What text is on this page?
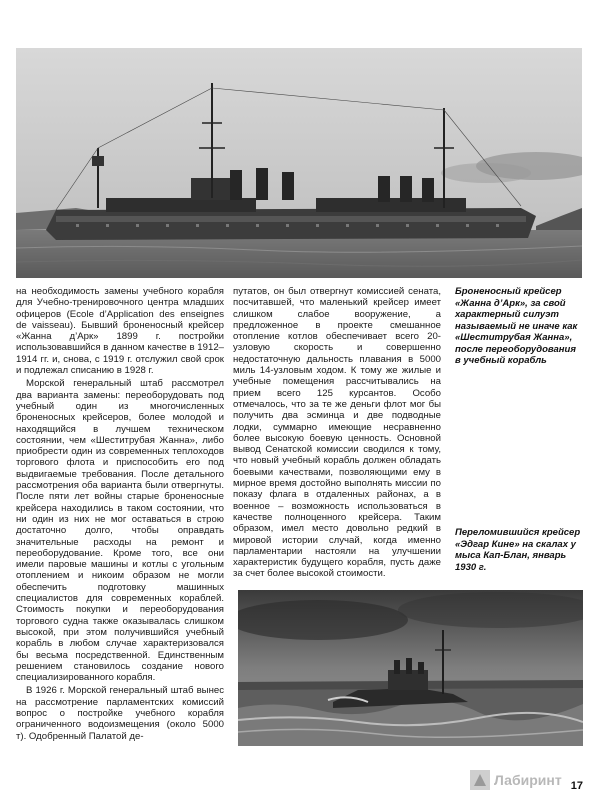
на необходимость замены учебного корабля для Учебно-тренировочного центра младших офицеров (Ecole d’Application des enseignes de vaisseau). Бывший броненосный крейсер «Жанна д’Арк» 1899 г. постройки использовавшийся в данном качестве в 1912–1914 гг. и, снова, с 1919 г. отслужил свой срок и подлежал списанию в 1928 г.

Морской генеральный штаб рассмотрел два варианта замены: переоборудовать под учебный один из многочисленных броненосных крейсеров, более молодой и находящийся в лучшем техническом состоянии, чем «Шеститрубая Жанна», либо приобрести один из современных теплоходов торгового флота и приспособить его под выдвигаемые требования. После детального рассмотрения оба варианта были отвергнуты. После пяти лет войны старые броненосные крейсера находились в таком состоянии, что ни один из них не мог оставаться в строю достаточно долго, чтобы оправдать значительные расходы на ремонт и переоборудование. Кроме того, все они имели паровые машины и котлы с угольным отоплением и никоим образом не могли обеспечить подготовку машинных специалистов для современных кораблей. Стоимость покупки и переоборудования торгового судна также оказывалась слишком высокой, при этом получившийся учебный корабль в любом случае характеризовался бы весьма посредственной. Единственным решением становилось создание нового специализированного корабля.

В 1926 г. Морской генеральный штаб вынес на рассмотрение парламентских комиссий вопрос о постройке учебного корабля ограниченного водоизмещения (около 5000 т). Одобренный Палатой де-

путатов, он был отвергнут комиссией сената, посчитавшей, что маленький крейсер имеет слишком слабое вооружение, а предложенное в проекте смешанное отопление котлов обеспечивает всего 20-узловую скорость и совершенно недостаточную дальность плавания в 5000 миль 14-узловым ходом. К тому же жилые и учебные помещения рассчитывались на прием всего 125 курсантов. Особо отмечалось, что за те же деньги флот мог бы получить два эсминца и две подводные лодки, суммарно имеющие несравненно более высокую боевую ценность. Основной вывод Сенатской комиссии сводился к тому, что новый учебный корабль должен обладать боевыми качествами, позволяющими ему в мирное время достойно выполнять миссии по показу флага в отдаленных районах, а в военное – возможность использоваться в качестве полноценного крейсера. Таким образом, имел место довольно редкий в мировой истории случай, когда именно парламентарии настояли на улучшении характеристик будущего корабля, пусть даже за счет более высокой стоимости.

Броненосный крейсер «Жанна д’Арк», за свой характерный силуэт называемый не иначе как «Шеститрубая Жанна», после переоборудования в учебный корабль
Переломившийся крейсер «Эдгар Кине» на скалах у мыса Кап-Блан, январь 1930 г.
Лабиринт 17
